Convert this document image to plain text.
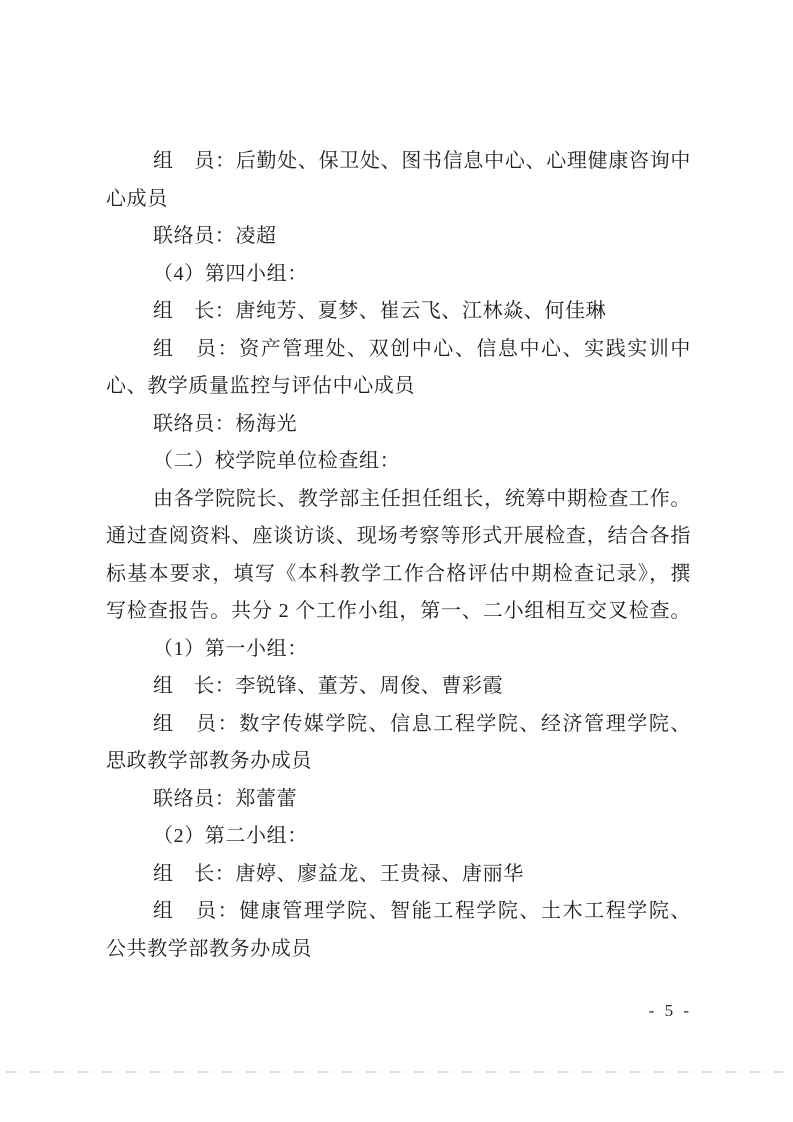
组　员：后勤处、保卫处、图书信息中心、心理健康咨询中
心成员
联络员：凌超
（4）第四小组：
组　长：唐纯芳、夏梦、崔云飞、江林焱、何佳琳
组　员：资产管理处、双创中心、信息中心、实践实训中
心、教学质量监控与评估中心成员
联络员：杨海光
（二）校学院单位检查组：
由各学院院长、教学部主任担任组长，统筹中期检查工作。
通过查阅资料、座谈访谈、现场考察等形式开展检查，结合各指
标基本要求，填写《本科教学工作合格评估中期检查记录》，撰
写检查报告。共分 2 个工作小组，第一、二小组相互交叉检查。
（1）第一小组：
组　长：李锐锋、董芳、周俊、曹彩霞
组　员：数字传媒学院、信息工程学院、经济管理学院、
思政教学部教务办成员
联络员：郑蕾蕾
（2）第二小组：
组　长：唐婷、廖益龙、王贵禄、唐丽华
组　员：健康管理学院、智能工程学院、土木工程学院、
公共教学部教务办成员
- 5 -
